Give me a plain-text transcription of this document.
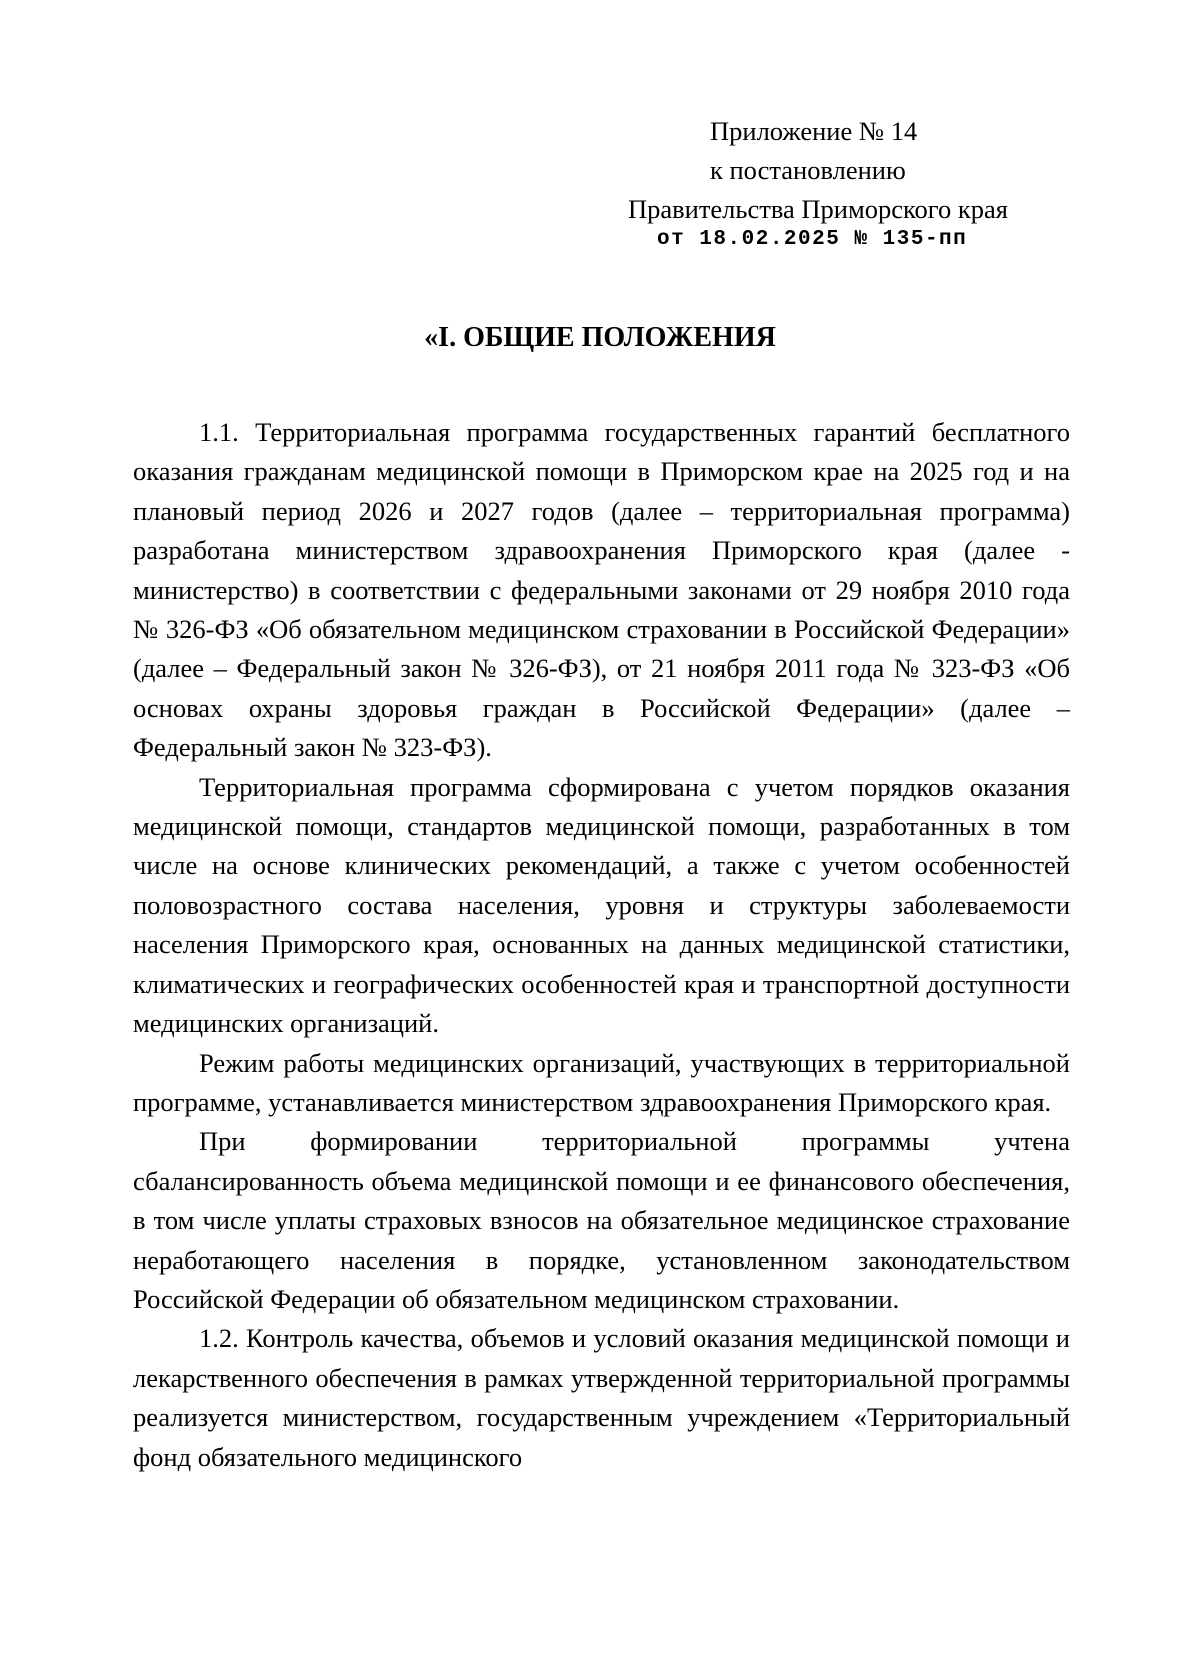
Приложение № 14
к постановлению
Правительства Приморского края
от 18.02.2025 № 135-пп
«I. ОБЩИЕ ПОЛОЖЕНИЯ

1.1. Территориальная программа государственных гарантий бесплатного оказания гражданам медицинской помощи в Приморском крае на 2025 год и на плановый период 2026 и 2027 годов (далее – территориальная программа) разработана министерством здравоохранения Приморского края (далее - министерство) в соответствии с федеральными законами от 29 ноября 2010 года № 326-ФЗ «Об обязательном медицинском страховании в Российской Федерации» (далее – Федеральный закон № 326-ФЗ), от 21 ноября 2011 года № 323-ФЗ «Об основах охраны здоровья граждан в Российской Федерации» (далее – Федеральный закон № 323-ФЗ).

Территориальная программа сформирована с учетом порядков оказания медицинской помощи, стандартов медицинской помощи, разработанных в том числе на основе клинических рекомендаций, а также с учетом особенностей половозрастного состава населения, уровня и структуры заболеваемости населения Приморского края, основанных на данных медицинской статистики, климатических и географических особенностей края и транспортной доступности медицинских организаций.

Режим работы медицинских организаций, участвующих в территориальной программе, устанавливается министерством здравоохранения Приморского края.

При формировании территориальной программы учтена сбалансированность объема медицинской помощи и ее финансового обеспечения, в том числе уплаты страховых взносов на обязательное медицинское страхование неработающего населения в порядке, установленном законодательством Российской Федерации об обязательном медицинском страховании.

1.2. Контроль качества, объемов и условий оказания медицинской помощи и лекарственного обеспечения в рамках утвержденной территориальной программы реализуется министерством, государственным учреждением «Территориальный фонд обязательного медицинского
